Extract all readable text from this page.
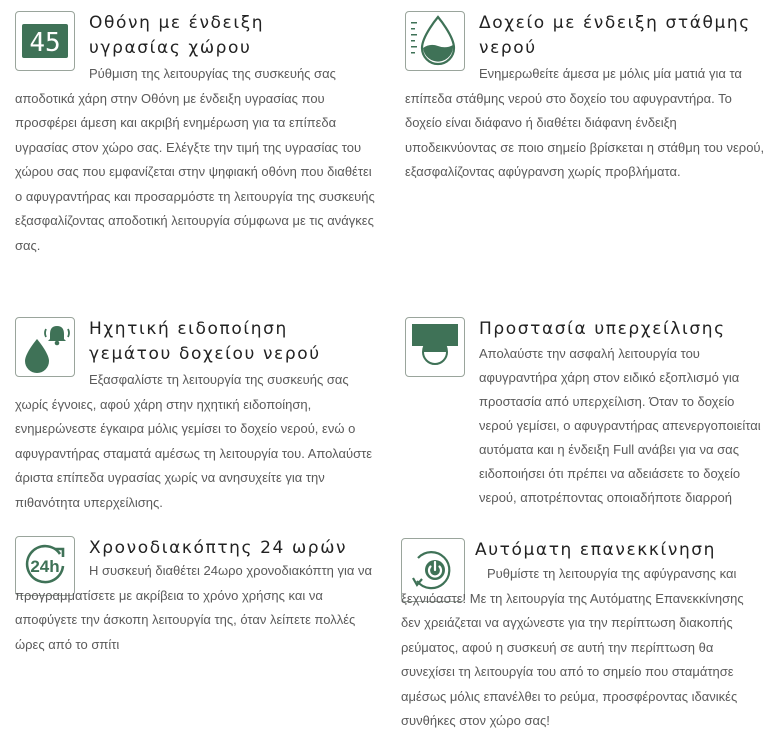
45
Οθόνη με ένδειξη υγρασίας χώρου

Ρύθμιση της λειτουργίας της συσκευής σας αποδοτικά χάρη στην Οθόνη με ένδειξη υγρασίας που προσφέρει άμεση και ακριβή ενημέρωση για τα επίπεδα υγρασίας στον χώρο σας. Ελέγξτε την τιμή της υγρασίας του χώρου σας που εμφανίζεται στην ψηφιακή οθόνη που διαθέτει ο αφυγραντήρας και προσαρμόστε τη λειτουργία της συσκευής εξασφαλίζοντας αποδοτική λειτουργία σύμφωνα με τις ανάγκες σας.

Δοχείο με ένδειξη στάθμης νερού

Ενημερωθείτε άμεσα με μόλις μία ματιά για τα επίπεδα στάθμης νερού στο δοχείο του αφυγραντήρα. Το δοχείο είναι διάφανο ή διαθέτει διάφανη ένδειξη υποδεικνύοντας σε ποιο σημείο βρίσκεται η στάθμη του νερού, εξασφαλίζοντας αφύγρανση χωρίς προβλήματα.

Ηχητική ειδοποίηση γεμάτου δοχείου νερού

Εξασφαλίστε τη λειτουργία της συσκευής σας χωρίς έγνοιες, αφού χάρη στην ηχητική ειδοποίηση, ενημερώνεστε έγκαιρα μόλις γεμίσει το δοχείο νερού, ενώ ο αφυγραντήρας σταματά αμέσως τη λειτουργία του. Απολαύστε άριστα επίπεδα υγρασίας χωρίς να ανησυχείτε για την πιθανότητα υπερχείλισης.

Προστασία υπερχείλισης

Απολαύστε την ασφαλή λειτουργία του αφυγραντήρα χάρη στον ειδικό εξοπλισμό για προστασία από υπερχείλιση. Όταν το δοχείο νερού γεμίσει, ο αφυγραντήρας απενεργοποιείται αυτόματα και η ένδειξη Full ανάβει για να σας ειδοποιήσει ότι πρέπει να αδειάσετε το δοχείο νερού, αποτρέποντας οποιαδήποτε διαρροή

24h
Χρονοδιακόπτης 24 ωρών

Η συσκευή διαθέτει 24ωρο χρονοδιακόπτη για να προγραμματίσετε με ακρίβεια το χρόνο χρήσης και να αποφύγετε την άσκοπη λειτουργία της, όταν λείπετε πολλές ώρες από το σπίτι

Αυτόματη επανεκκίνηση

Ρυθμίστε τη λειτουργία της αφύγρανσης και ξεχνιόαστε! Με τη λειτουργία της Αυτόματης Επανεκκίνησης δεν χρειάζεται να αγχώνεστε για την περίπτωση διακοπής ρεύματος, αφού η συσκευή σε αυτή την περίπτωση θα συνεχίσει τη λειτουργία του από το σημείο που σταμάτησε αμέσως μόλις επανέλθει το ρεύμα, προσφέροντας ιδανικές συνθήκες στον χώρο σας!
